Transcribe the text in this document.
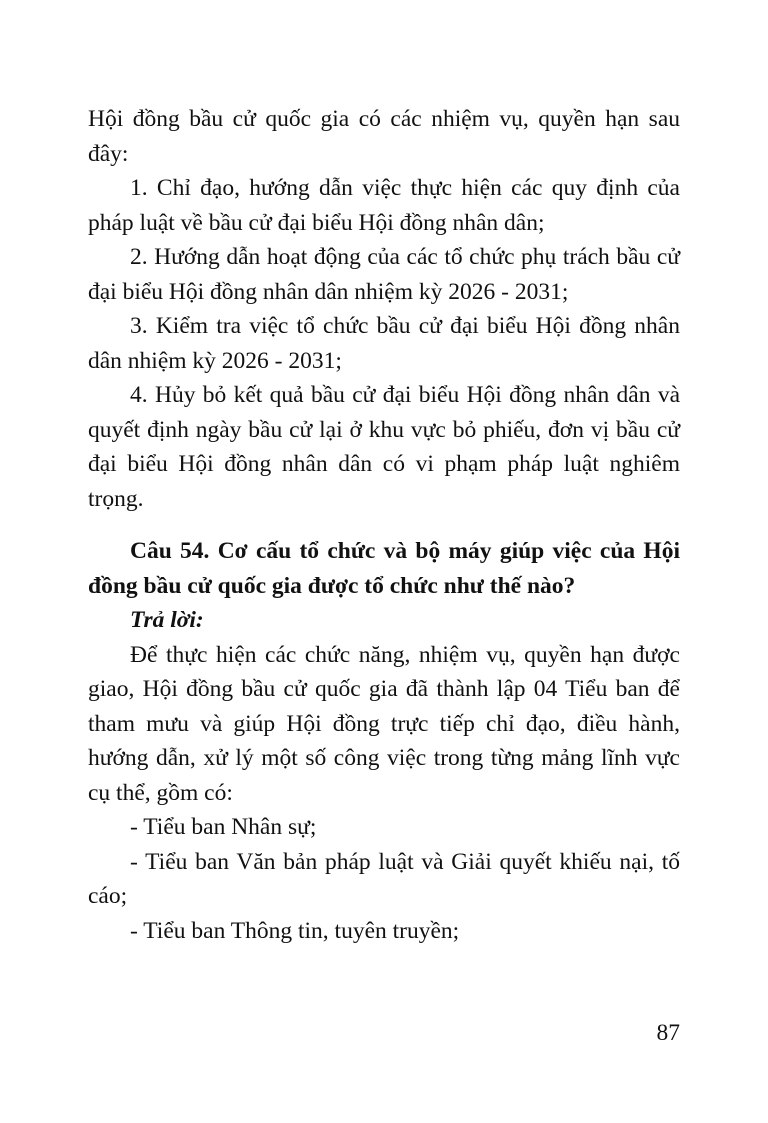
Hội đồng bầu cử quốc gia có các nhiệm vụ, quyền hạn sau đây:

1. Chỉ đạo, hướng dẫn việc thực hiện các quy định của pháp luật về bầu cử đại biểu Hội đồng nhân dân;

2. Hướng dẫn hoạt động của các tổ chức phụ trách bầu cử đại biểu Hội đồng nhân dân nhiệm kỳ 2026 - 2031;

3. Kiểm tra việc tổ chức bầu cử đại biểu Hội đồng nhân dân nhiệm kỳ 2026 - 2031;

4. Hủy bỏ kết quả bầu cử đại biểu Hội đồng nhân dân và quyết định ngày bầu cử lại ở khu vực bỏ phiếu, đơn vị bầu cử đại biểu Hội đồng nhân dân có vi phạm pháp luật nghiêm trọng.

Câu 54. Cơ cấu tổ chức và bộ máy giúp việc của Hội đồng bầu cử quốc gia được tổ chức như thế nào?

Trả lời:

Để thực hiện các chức năng, nhiệm vụ, quyền hạn được giao, Hội đồng bầu cử quốc gia đã thành lập 04 Tiểu ban để tham mưu và giúp Hội đồng trực tiếp chỉ đạo, điều hành, hướng dẫn, xử lý một số công việc trong từng mảng lĩnh vực cụ thể, gồm có:

- Tiểu ban Nhân sự;

- Tiểu ban Văn bản pháp luật và Giải quyết khiếu nại, tố cáo;

- Tiểu ban Thông tin, tuyên truyền;

87
